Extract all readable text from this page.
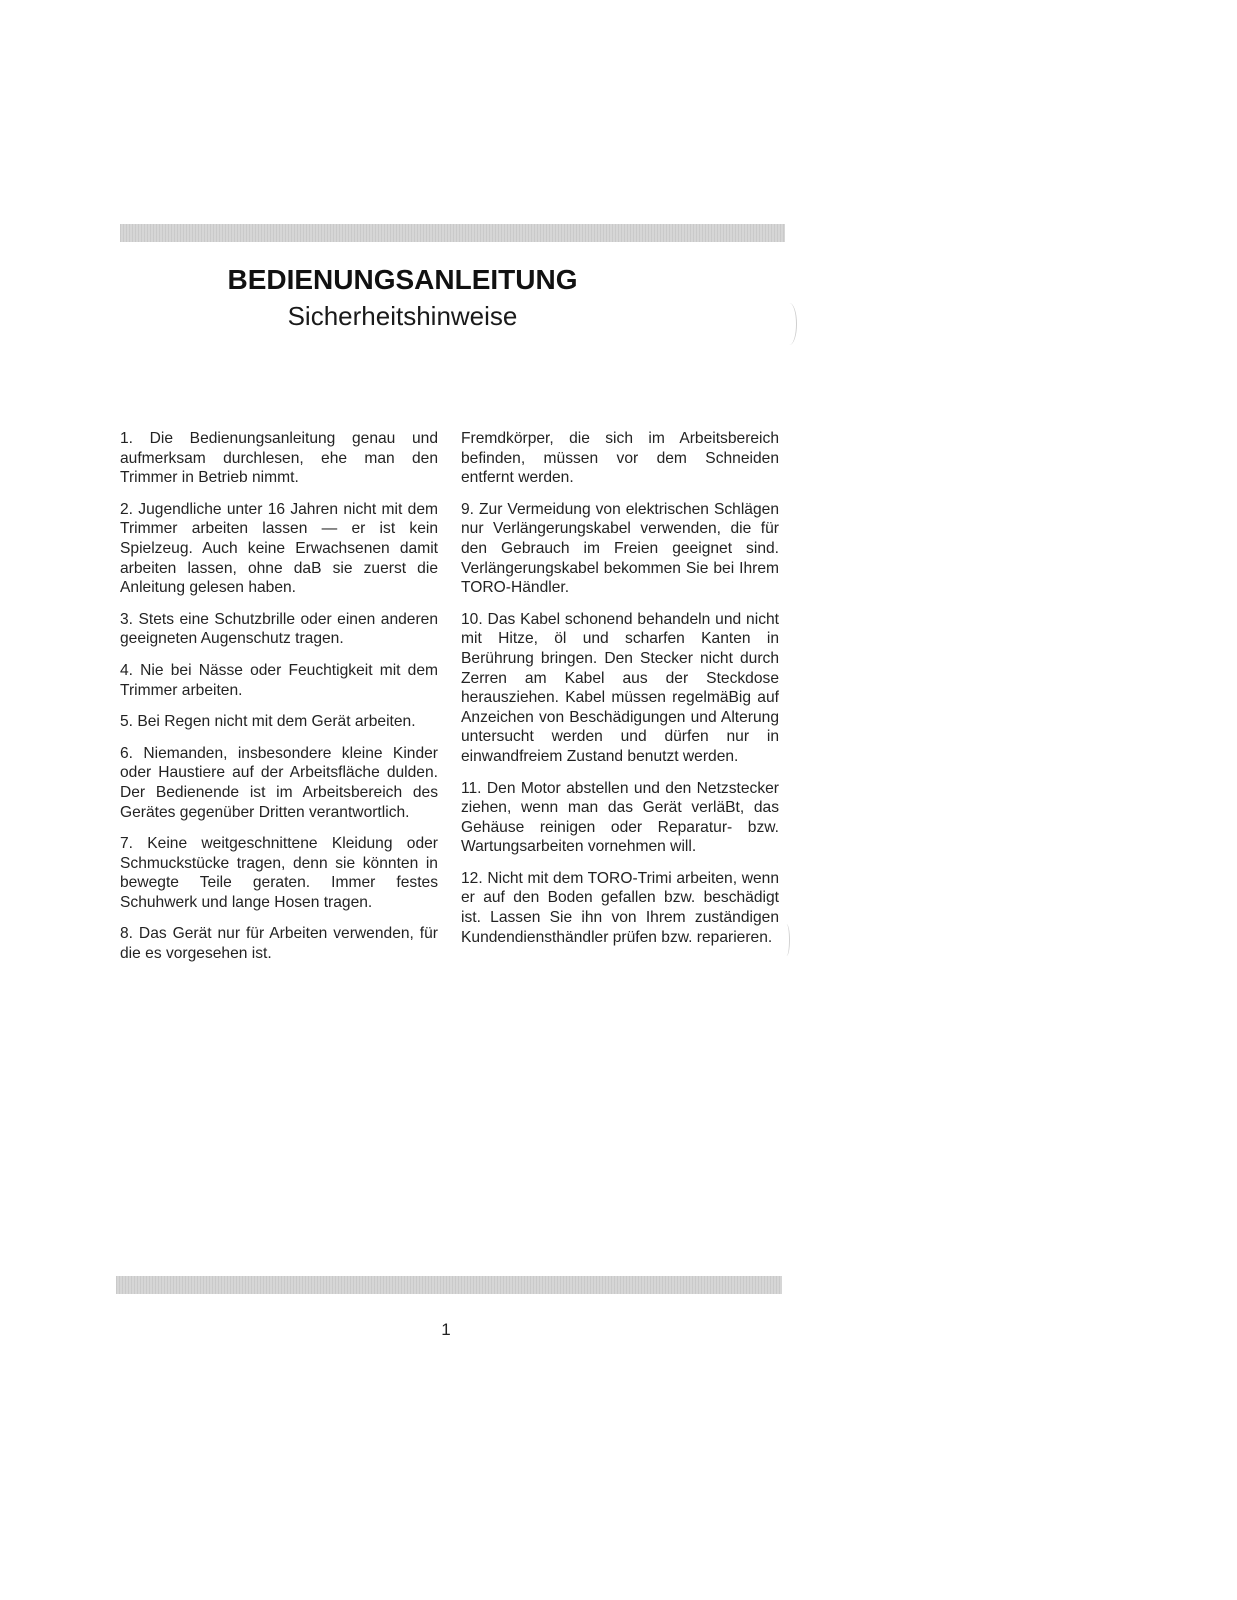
BEDIENUNGSANLEITUNG
Sicherheitshinweise

1. Die Bedienungsanleitung genau und aufmerksam durchlesen, ehe man den Trimmer in Betrieb nimmt.

2. Jugendliche unter 16 Jahren nicht mit dem Trimmer arbeiten lassen — er ist kein Spielzeug. Auch keine Erwachsenen damit arbeiten lassen, ohne daB sie zuerst die Anleitung gelesen haben.

3. Stets eine Schutzbrille oder einen anderen geeigneten Augenschutz tragen.

4. Nie bei Nässe oder Feuchtigkeit mit dem Trimmer arbeiten.

5. Bei Regen nicht mit dem Gerät arbeiten.

6. Niemanden, insbesondere kleine Kinder oder Haustiere auf der Arbeitsfläche dulden. Der Bedienende ist im Arbeitsbereich des Gerätes gegenüber Dritten verantwortlich.

7. Keine weitgeschnittene Kleidung oder Schmuckstücke tragen, denn sie könnten in bewegte Teile geraten. Immer festes Schuhwerk und lange Hosen tragen.

8. Das Gerät nur für Arbeiten verwenden, für die es vorgesehen ist.

Fremdkörper, die sich im Arbeitsbereich befinden, müssen vor dem Schneiden entfernt werden.

9. Zur Vermeidung von elektrischen Schlägen nur Verlängerungskabel verwenden, die für den Gebrauch im Freien geeignet sind. Verlängerungskabel bekommen Sie bei Ihrem TORO-Händler.

10. Das Kabel schonend behandeln und nicht mit Hitze, öl und scharfen Kanten in Berührung bringen. Den Stecker nicht durch Zerren am Kabel aus der Steckdose herausziehen. Kabel müssen regelmäBig auf Anzeichen von Beschädigungen und Alterung untersucht werden und dürfen nur in einwandfreiem Zustand benutzt werden.

11. Den Motor abstellen und den Netzstecker ziehen, wenn man das Gerät verläBt, das Gehäuse reinigen oder Reparatur- bzw. Wartungsarbeiten vornehmen will.

12. Nicht mit dem TORO-Trimi arbeiten, wenn er auf den Boden gefallen bzw. beschädigt ist. Lassen Sie ihn von Ihrem zuständigen Kundendiensthändler prüfen bzw. reparieren.

1
